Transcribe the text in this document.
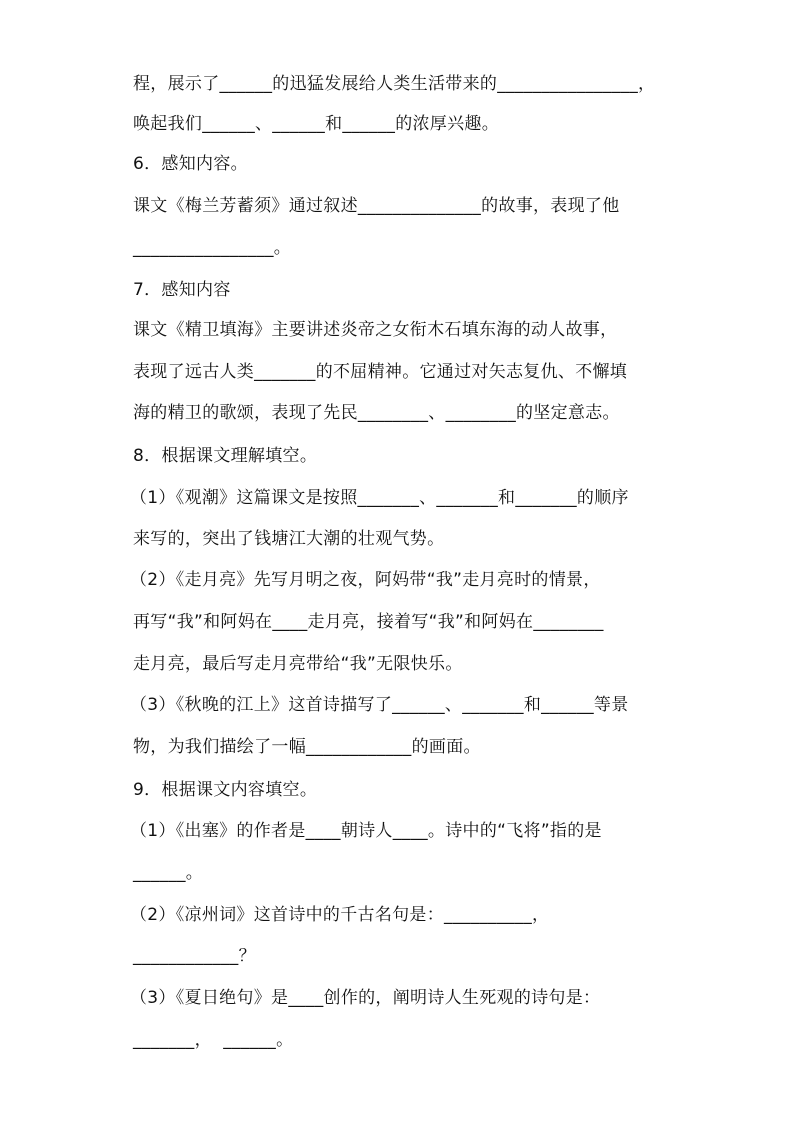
程，展示了______的迅猛发展给人类生活带来的________________，
唤起我们______、______和______的浓厚兴趣。
6．感知内容。
课文《梅兰芳蓄须》通过叙述______________的故事，表现了他
________________。
7．感知内容
课文《精卫填海》主要讲述炎帝之女衔木石填东海的动人故事，
表现了远古人类_______的不屈精神。它通过对矢志复仇、不懈填
海的精卫的歌颂，表现了先民________、________的坚定意志。
8．根据课文理解填空。
（1）《观潮》这篇课文是按照_______、_______和_______的顺序
来写的，突出了钱塘江大潮的壮观气势。
（2）《走月亮》先写月明之夜，阿妈带“我”走月亮时的情景，
再写“我”和阿妈在____走月亮，接着写“我”和阿妈在________
走月亮，最后写走月亮带给“我”无限快乐。
（3）《秋晚的江上》这首诗描写了______、_______和______等景
物，为我们描绘了一幅____________的画面。
9．根据课文内容填空。
（1）《出塞》的作者是____朝诗人____。诗中的“飞将”指的是
______。
（2）《凉州词》这首诗中的千古名句是：__________，
____________？
（3）《夏日绝句》是____创作的，阐明诗人生死观的诗句是：
_______，  ______。
